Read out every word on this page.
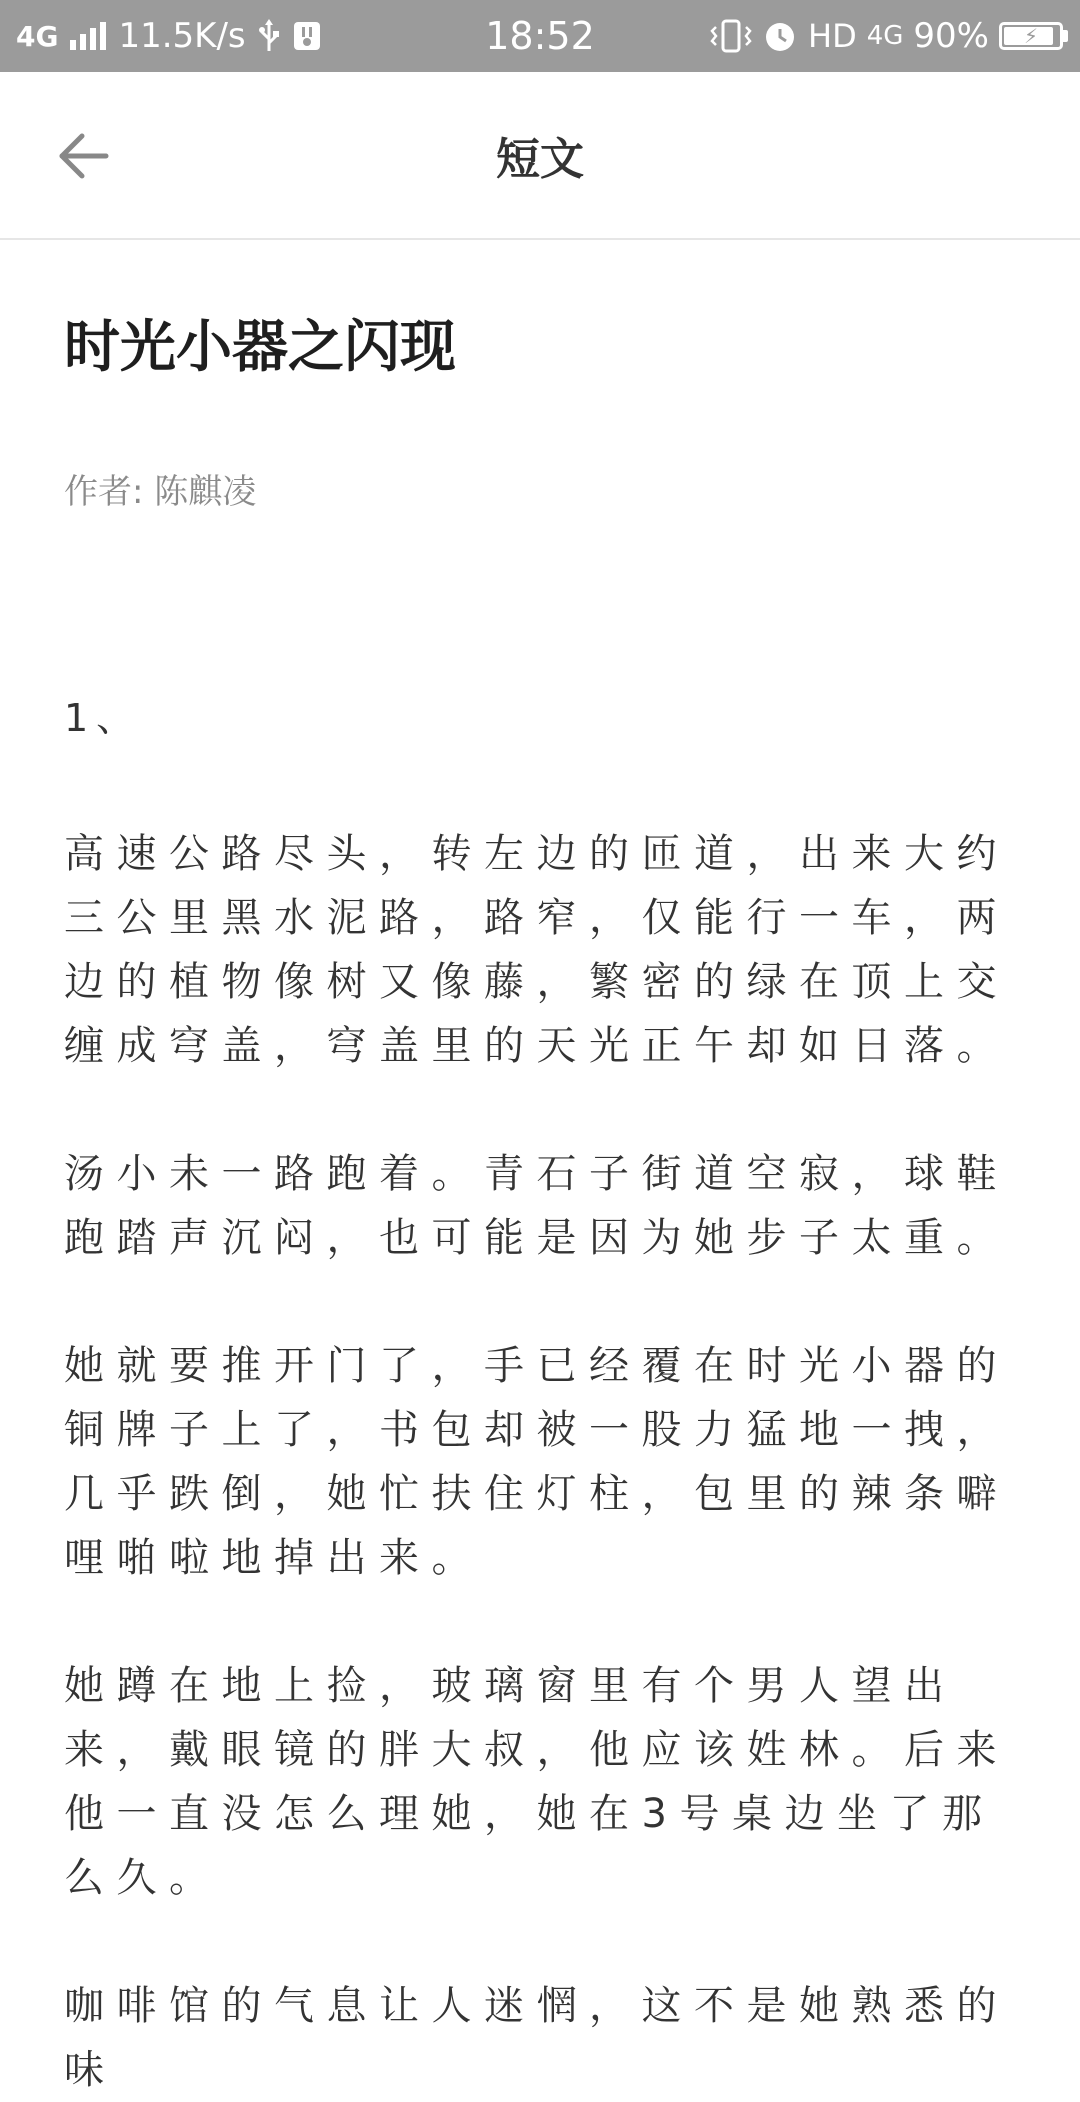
4G 11.5K/s	18:52	HD 4G 90%	⚡
短文
时光小器之闪现
作者: 陈麒凌
1、

高速公路尽头，转左边的匝道，出来大约三公里黑水泥路，路窄，仅能行一车，两边的植物像树又像藤，繁密的绿在顶上交缠成穹盖，穹盖里的天光正午却如日落。

汤小未一路跑着。青石子街道空寂，球鞋跑踏声沉闷，也可能是因为她步子太重。

她就要推开门了，手已经覆在时光小器的铜牌子上了，书包却被一股力猛地一拽，几乎跌倒，她忙扶住灯柱，包里的辣条噼哩啪啦地掉出来。

她蹲在地上捡，玻璃窗里有个男人望出来，戴眼镜的胖大叔，他应该姓林。后来他一直没怎么理她，她在3号桌边坐了那么久。

咖啡馆的气息让人迷惘，这不是她熟悉的味
